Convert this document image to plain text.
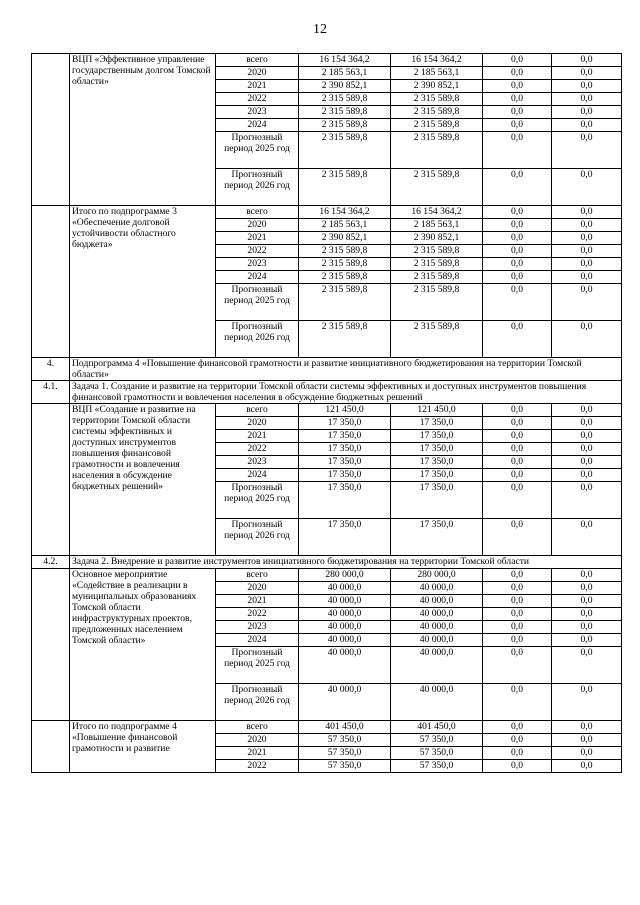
12
	ВЦП «Эффективное управление государственным долгом Томской области»	всего	16 154 364,2	16 154 364,2	0,0	0,0
		2020	2 185 563,1	2 185 563,1	0,0	0,0
		2021	2 390 852,1	2 390 852,1	0,0	0,0
		2022	2 315 589,8	2 315 589,8	0,0	0,0
		2023	2 315 589,8	2 315 589,8	0,0	0,0
		2024	2 315 589,8	2 315 589,8	0,0	0,0
		Прогнозный период 2025 год	2 315 589,8	2 315 589,8	0,0	0,0
		Прогнозный период 2026 год	2 315 589,8	2 315 589,8	0,0	0,0
	Итого по подпрограмме 3 «Обеспечение долговой устойчивости областного бюджета»	всего	16 154 364,2	16 154 364,2	0,0	0,0
		2020	2 185 563,1	2 185 563,1	0,0	0,0
		2021	2 390 852,1	2 390 852,1	0,0	0,0
		2022	2 315 589,8	2 315 589,8	0,0	0,0
		2023	2 315 589,8	2 315 589,8	0,0	0,0
		2024	2 315 589,8	2 315 589,8	0,0	0,0
		Прогнозный период 2025 год	2 315 589,8	2 315 589,8	0,0	0,0
		Прогнозный период 2026 год	2 315 589,8	2 315 589,8	0,0	0,0
4.	Подпрограмма 4 «Повышение финансовой грамотности и развитие инициативного бюджетирования на территории Томской области»					
4.1.	Задача 1. Создание и развитие на территории Томской области системы эффективных и доступных инструментов повышения финансовой грамотности и вовлечения населения в обсуждение бюджетных решений					
	ВЦП «Создание и развитие на территории Томской области системы эффективных и доступных инструментов повышения финансовой грамотности и вовлечения населения в обсуждение бюджетных решений»	всего	121 450,0	121 450,0	0,0	0,0
		2020	17 350,0	17 350,0	0,0	0,0
		2021	17 350,0	17 350,0	0,0	0,0
		2022	17 350,0	17 350,0	0,0	0,0
		2023	17 350,0	17 350,0	0,0	0,0
		2024	17 350,0	17 350,0	0,0	0,0
		Прогнозный период 2025 год	17 350,0	17 350,0	0,0	0,0
		Прогнозный период 2026 год	17 350,0	17 350,0	0,0	0,0
4.2.	Задача 2. Внедрение и развитие инструментов инициативного бюджетирования на территории Томской области					
	Основное мероприятие «Содействие в реализации в муниципальных образованиях Томской области инфраструктурных проектов, предложенных населением Томской области»	всего	280 000,0	280 000,0	0,0	0,0
		2020	40 000,0	40 000,0	0,0	0,0
		2021	40 000,0	40 000,0	0,0	0,0
		2022	40 000,0	40 000,0	0,0	0,0
		2023	40 000,0	40 000,0	0,0	0,0
		2024	40 000,0	40 000,0	0,0	0,0
		Прогнозный период 2025 год	40 000,0	40 000,0	0,0	0,0
		Прогнозный период 2026 год	40 000,0	40 000,0	0,0	0,0
	Итого по подпрограмме 4 «Повышение финансовой грамотности и развитие	всего	401 450,0	401 450,0	0,0	0,0
		2020	57 350,0	57 350,0	0,0	0,0
		2021	57 350,0	57 350,0	0,0	0,0
		2022	57 350,0	57 350,0	0,0	0,0
